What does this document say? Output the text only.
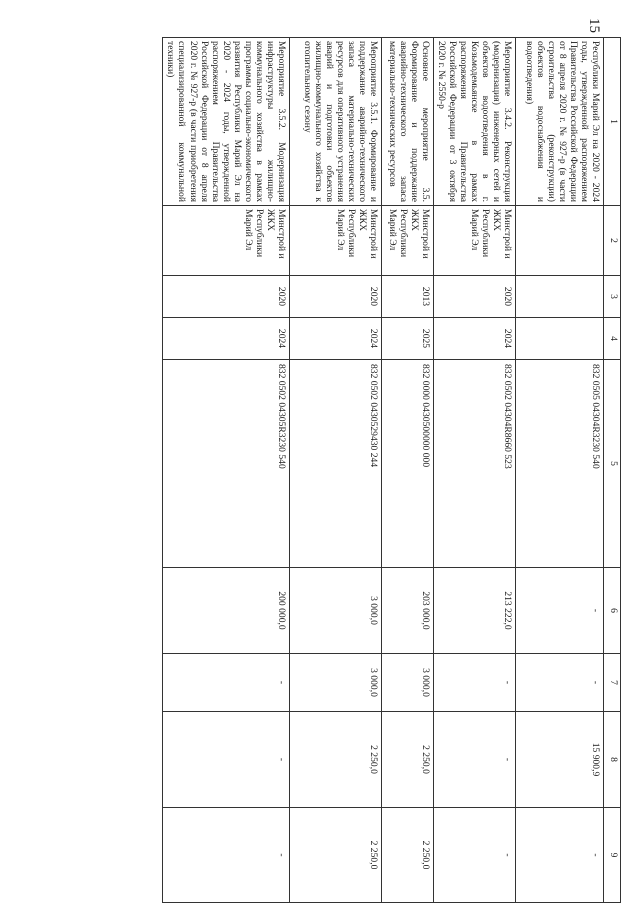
15
1	2	3	4	5	6	7	8	9
Республики Марий Эл на 2020 - 2024 годы, утвержденной распоряжением Правительства Российской Федерации от 8 апреля 2020 г. № 927-р (в части строительства (реконструкции) объектов водоснабжения и водоотведения)				832 0505 04304R3230 540	-	-	15 900,9	-
Мероприятие 3.4.2. Реконструкция (модернизация) инженерных сетей и объектов водоотведения в г. Козьмодемьянске в рамках распоряжения Правительства Российской Федерации от 3 октября 2020 г. № 2550-р	Минстрой и ЖКХ Республики Марий Эл	2020	2024	832 0502 04304R8660 523	213 222,0	-	-	-
Основное мероприятие 3.5. Формирование и поддержание аварийно-технического запаса материально-технических ресурсов	Минстрой и ЖКХ Республики Марий Эл	2013	2025	832 0000 0430500000 000	203 000,0	3 000,0	2 250,0	2 250,0
Мероприятие 3.5.1. Формирование и поддержание аварийно-технического запаса материально-технических ресурсов для оперативного устранения аварий и подготовки объектов жилищно-коммунального хозяйства к отопительному сезону	Минстрой и ЖКХ Республики Марий Эл	2020	2024	832 0502 0430529430 244	3 000,0	3 000,0	2 250,0	2 250,0
Мероприятие 3.5.2. Модернизация инфраструктуры жилищно-коммунального хозяйства в рамках программы социально-экономического развития Республики Марий Эл на 2020 - 2024 годы, утвержденной распоряжением Правительства Российской Федерации от 8 апреля 2020 г. № 927-р (в части приобретения специализированной коммунальной техники)	Минстрой и ЖКХ Республики Марий Эл	2020	2024	832 0502 04305R3230 540	200 000,0	-	-	-
